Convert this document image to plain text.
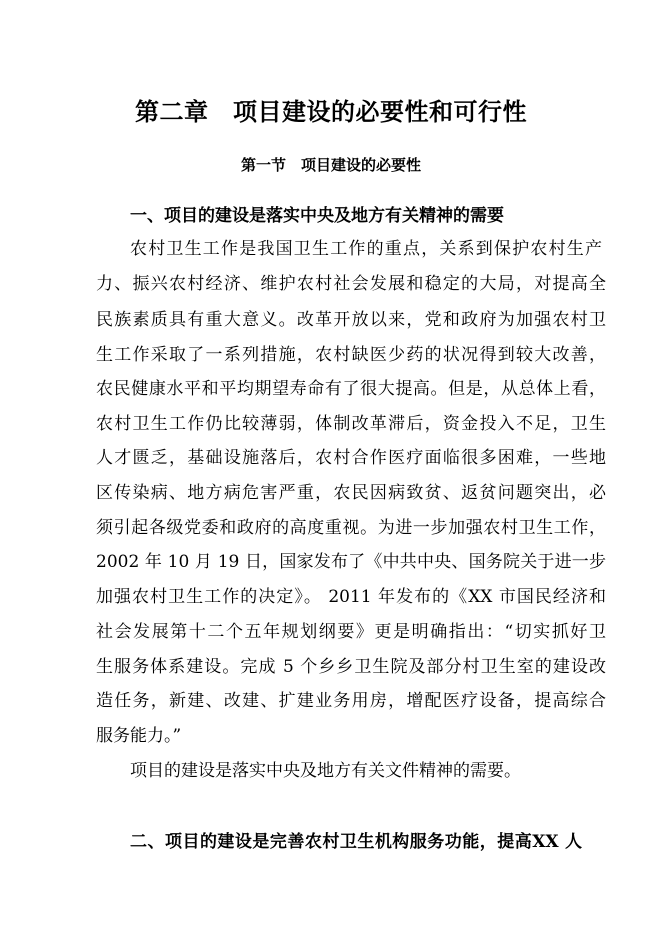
第二章　项目建设的必要性和可行性
第一节　项目建设的必要性
一、项目的建设是落实中央及地方有关精神的需要
农村卫生工作是我国卫生工作的重点，关系到保护农村生产
力、振兴农村经济、维护农村社会发展和稳定的大局，对提高全
民族素质具有重大意义。改革开放以来，党和政府为加强农村卫
生工作采取了一系列措施，农村缺医少药的状况得到较大改善，
农民健康水平和平均期望寿命有了很大提高。但是，从总体上看，
农村卫生工作仍比较薄弱，体制改革滞后，资金投入不足，卫生
人才匮乏，基础设施落后，农村合作医疗面临很多困难，一些地
区传染病、地方病危害严重，农民因病致贫、返贫问题突出，必
须引起各级党委和政府的高度重视。为进一步加强农村卫生工作，
2002 年 10 月 19 日，国家发布了《中共中央、国务院关于进一步
加强农村卫生工作的决定》。 2011 年发布的《XX 市国民经济和
社会发展第十二个五年规划纲要》更是明确指出：“切实抓好卫
生服务体系建设。完成 5 个乡乡卫生院及部分村卫生室的建设改
造任务，新建、改建、扩建业务用房，增配医疗设备，提高综合
服务能力。”
项目的建设是落实中央及地方有关文件精神的需要。
二、项目的建设是完善农村卫生机构服务功能，提高XX 人
